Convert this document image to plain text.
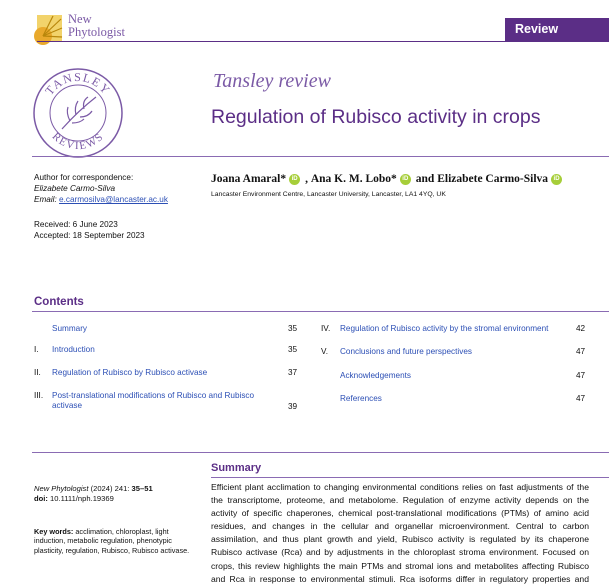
New
Phytologist	Review
TANSLEY
REVIEWS
Tansley review
Regulation of Rubisco activity in crops
Author for correspondence:
Elizabete Carmo-Silva
Email: e.carmosilva@lancaster.ac.uk
Received: 6 June 2023
Accepted: 18 September 2023
Joana Amaral* iD , Ana K. M. Lobo* iD and Elizabete Carmo-Silva iD
Lancaster Environment Centre, Lancaster University, Lancaster, LA1 4YQ, UK
Contents
Summary	35
I. Introduction	35
II. Regulation of Rubisco by Rubisco activase	37
III. Post-translational modifications of Rubisco and Rubisco
activase	39
IV. Regulation of Rubisco activity by the stromal environment	42
V. Conclusions and future perspectives	47
Acknowledgements	47
References	47
New Phytologist (2024) 241: 35–51
doi: 10.1111/nph.19369
Key words: acclimation, chloroplast, light induction, metabolic regulation, phenotypic plasticity, regulation, Rubisco, Rubisco activase.
Summary
Efficient plant acclimation to changing environmental conditions relies on fast adjustments of the
the transcriptome, proteome, and metabolome. Regulation of enzyme activity depends on the
activity of specific chaperones, chemical post-translational modifications (PTMs) of amino acid
residues, and changes in the cellular and organellar microenvironment. Central to carbon
assimilation, and thus plant growth and yield, Rubisco activity is regulated by its chaperone
Rubisco activase (Rca) and by adjustments in the chloroplast stroma environment. Focused on
crops, this review highlights the main PTMs and stromal ions and metabolites affecting Rubisco
and Rca in response to environmental stimuli. Rca isoforms differ in regulatory properties and
